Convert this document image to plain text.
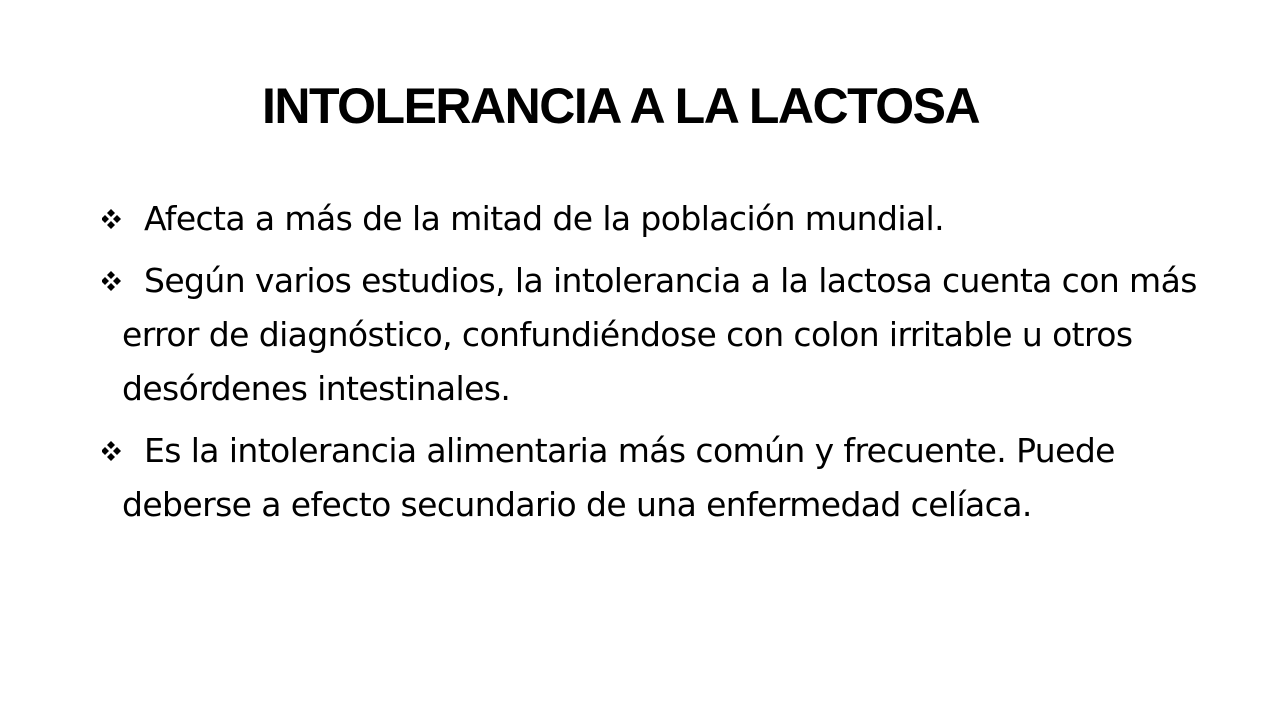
INTOLERANCIA A LA LACTOSA
Afecta a más de la mitad de la población mundial.
Según varios estudios, la intolerancia a la lactosa cuenta con más error de diagnóstico, confundiéndose con colon irritable u otros desórdenes intestinales.
Es la intolerancia alimentaria más común y frecuente. Puede deberse a efecto secundario de una enfermedad celíaca.
